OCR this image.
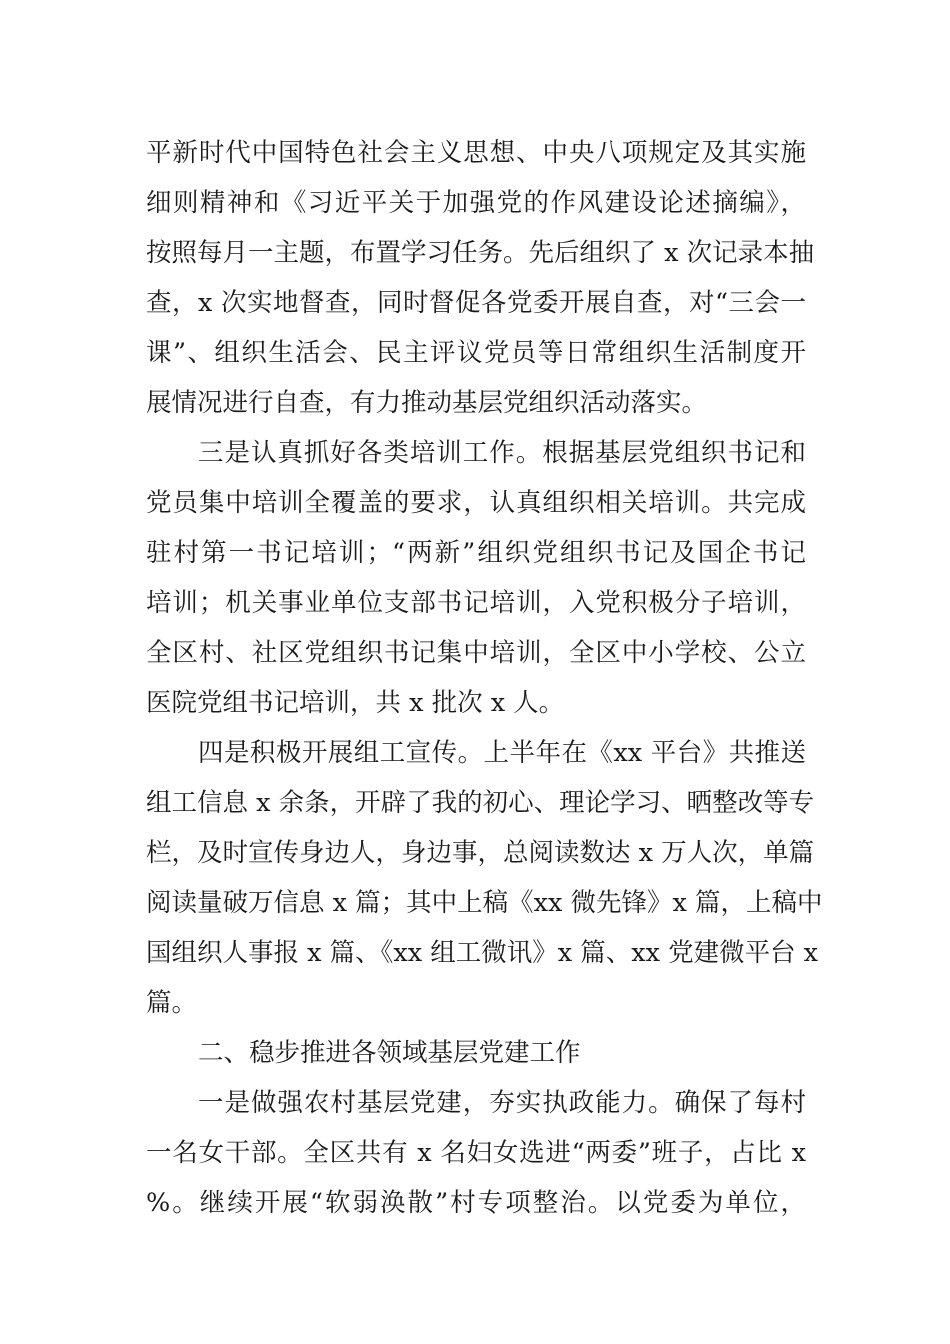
平新时代中国特色社会主义思想、中央八项规定及其实施
细则精神和《习近平关于加强党的作风建设论述摘编》，
按照每月一主题，布置学习任务。先后组织了 x 次记录本抽
查，x 次实地督查，同时督促各党委开展自查，对“三会一
课”、组织生活会、民主评议党员等日常组织生活制度开
展情况进行自查，有力推动基层党组织活动落实。
三是认真抓好各类培训工作。根据基层党组织书记和
党员集中培训全覆盖的要求，认真组织相关培训。共完成
驻村第一书记培训；“两新”组织党组织书记及国企书记
培训；机关事业单位支部书记培训，入党积极分子培训，
全区村、社区党组织书记集中培训，全区中小学校、公立
医院党组书记培训，共 x 批次 x 人。
四是积极开展组工宣传。上半年在《xx 平台》共推送
组工信息 x 余条，开辟了我的初心、理论学习、晒整改等专
栏，及时宣传身边人，身边事，总阅读数达 x 万人次，单篇
阅读量破万信息 x 篇；其中上稿《xx 微先锋》x 篇，上稿中
国组织人事报 x 篇、《xx 组工微讯》x 篇、xx 党建微平台 x
篇。
二、稳步推进各领域基层党建工作
一是做强农村基层党建，夯实执政能力。确保了每村
一名女干部。全区共有 x 名妇女选进“两委”班子，占比 x
%。继续开展“软弱涣散”村专项整治。以党委为单位，
